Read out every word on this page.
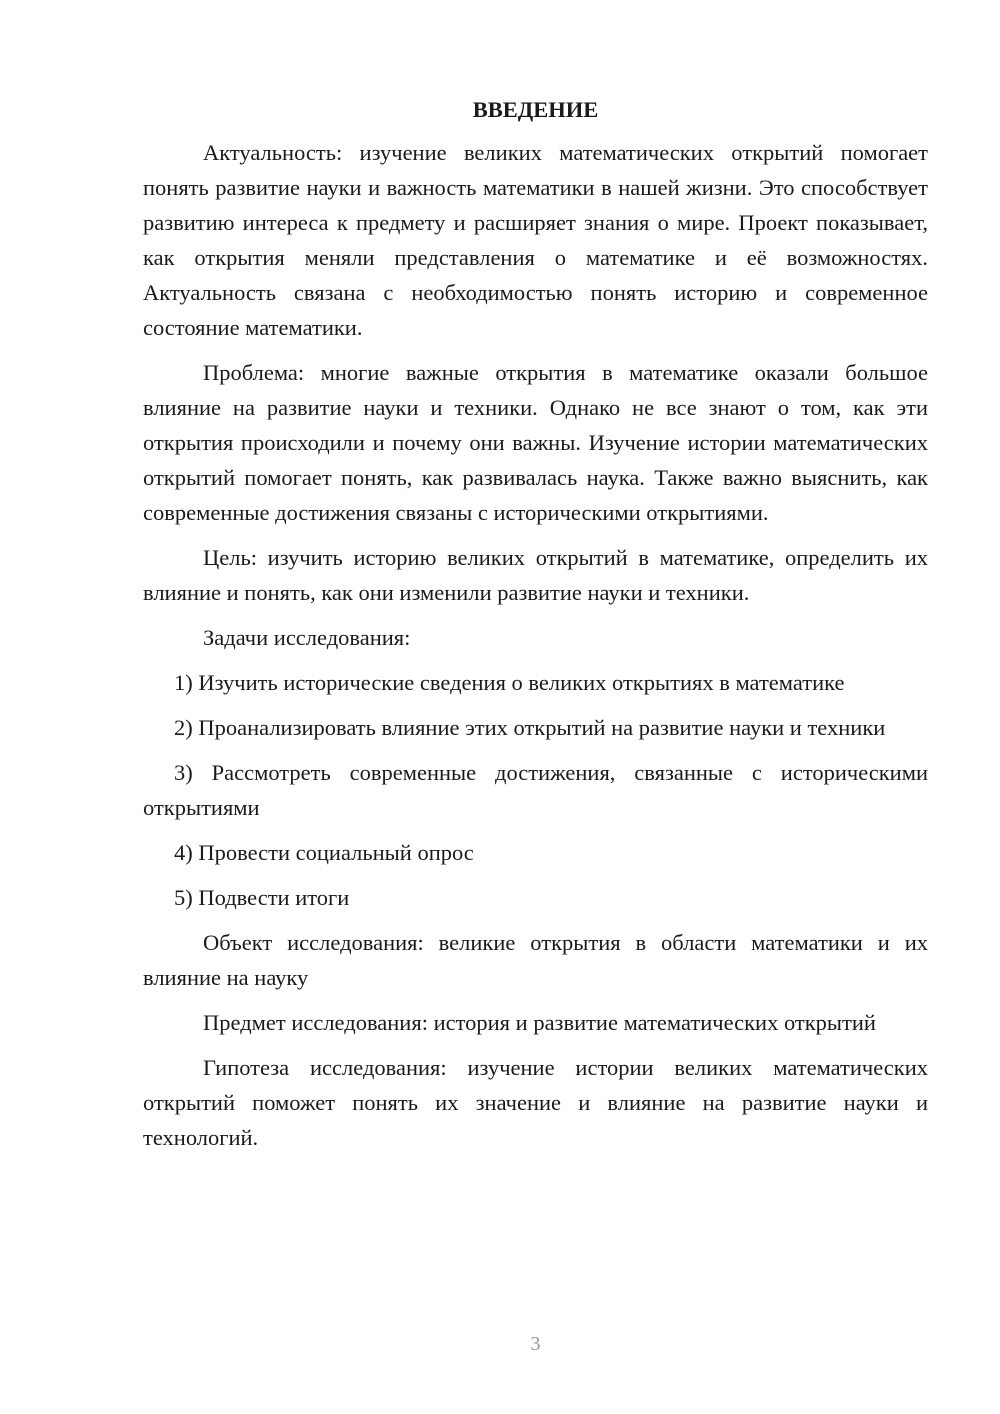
ВВЕДЕНИЕ

Актуальность: изучение великих математических открытий помогает понять развитие науки и важность математики в нашей жизни. Это способствует развитию интереса к предмету и расширяет знания о мире. Проект показывает, как открытия меняли представления о математике и её возможностях. Актуальность связана с необходимостью понять историю и современное состояние математики.

Проблема: многие важные открытия в математике оказали большое влияние на развитие науки и техники. Однако не все знают о том, как эти открытия происходили и почему они важны. Изучение истории математических открытий помогает понять, как развивалась наука. Также важно выяснить, как современные достижения связаны с историческими открытиями.

Цель: изучить историю великих открытий в математике, определить их влияние и понять, как они изменили развитие науки и техники.

Задачи исследования:

1) Изучить исторические сведения о великих открытиях в математике

2) Проанализировать влияние этих открытий на развитие науки и техники

3) Рассмотреть современные достижения, связанные с историческими открытиями

4) Провести социальный опрос

5) Подвести итоги

Объект исследования: великие открытия в области математики и их влияние на науку

Предмет исследования: история и развитие математических открытий

Гипотеза исследования: изучение истории великих математических открытий поможет понять их значение и влияние на развитие науки и технологий.

3
